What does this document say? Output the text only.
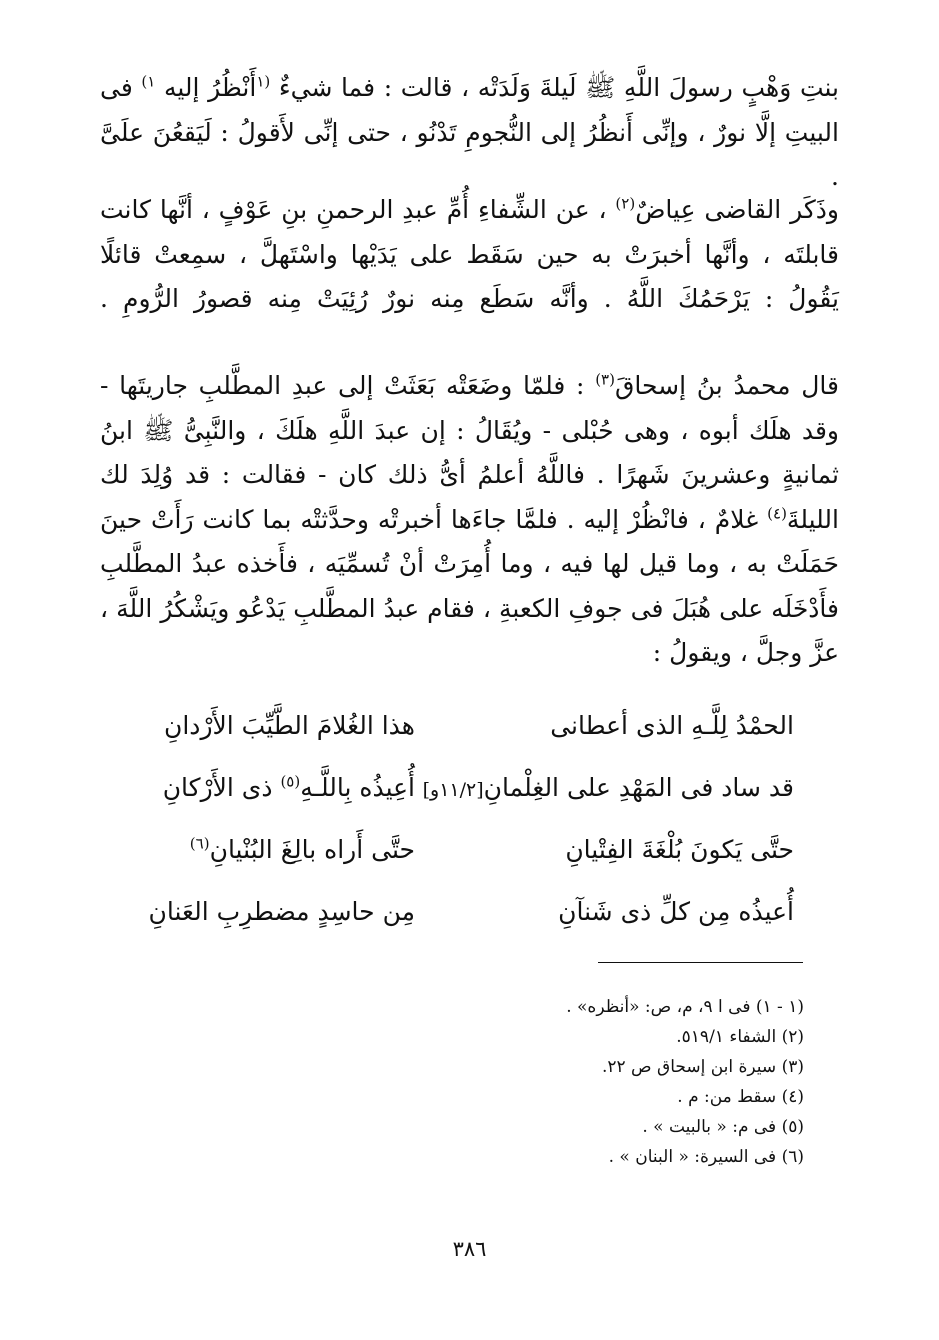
بنتِ وَهْبٍ رسولَ اللَّهِ ﷺ لَيلةَ وَلَدَتْه ، قالت : فما شيءٌ $^{(١}$أَنْظُرُ إليه $^{١)}$ فى البيتِ إلَّا نورٌ ، وإنِّى أَنظُرُ إلى النُّجومِ تَدْنُو ، حتى إنِّى لأَقولُ : لَيَقعُنَ علَىَّ .

وذَكَر القاضى عِياضٌ$^{(٢)}$ ، عن الشِّفاءِ أُمِّ عبدِ الرحمنِ بنِ عَوْفٍ ، أنَّها كانت قابلتَه ، وأنَّها أخبرَتْ به حين سَقَط على يَدَيْها واسْتَهلَّ ، سمِعتْ قائلًا يَقُولُ : يَرْحَمُكَ اللَّهُ . وأنَّه سَطَع مِنه نورٌ رُئِيَتْ مِنه قصورُ الرُّومِ .

قال محمدُ بنُ إسحاقَ$^{(٣)}$ : فلمّا وضَعَتْه بَعَثَتْ إلى عبدِ المطَّلبِ جاريتَها - وقد هلَك أبوه ، وهى حُبْلى - ويُقَالُ : إن عبدَ اللَّهِ هلَكَ ، والنَّبِىُّ ﷺ ابنُ ثمانيةٍ وعشرينَ شَهرًا . فاللَّهُ أعلمُ أىُّ ذلك كان - فقالت : قد وُلِدَ لك الليلةَ$^{(٤)}$ غلامٌ ، فانْظُرْ إليه . فلمَّا جاءَها أخبرتْه وحدَّثتْه بما كانت رَأَتْ حينَ حَمَلَتْ به ، وما قيل لها فيه ، وما أُمِرَتْ أنْ تُسمِّيَه ، فأَخذه عبدُ المطَّلبِ فأَدْخَلَه على هُبَلَ فى جوفِ الكعبةِ ، فقام عبدُ المطَّلبِ يَدْعُو ويَشْكُرُ اللَّهَ ، عزَّ وجلَّ ، ويقولُ :

الحمْدُ لِلَّـهِ الذى أعطانى
هذا الغُلامَ الطَّيِّبَ الأَرْدانِ
قد ساد فى المَهْدِ على الغِلْمانِ[١١/٢و]
أُعِيذُه بِاللَّـهِ$^{(٥)}$ ذى الأَرْكانِ
حتَّى يَكونَ بُلْغَةَ الفِتْيانِ
حتَّى أَراه بالِغَ البُنْيانِ$^{(٦)}$
أُعيذُه مِن كلِّ ذى شَنآنِ
مِن حاسِدٍ مضطرِبِ العَنانِ
(١ - ١) فى ا ٩، م، ص: «أنظره» .
(٢) الشفاء ٥١٩/١.
(٣) سيرة ابن إسحاق ص ٢٢.
(٤) سقط من: م .
(٥) فى م: « بالبيت » .
(٦) فى السيرة: « البنان » .
٣٨٦
